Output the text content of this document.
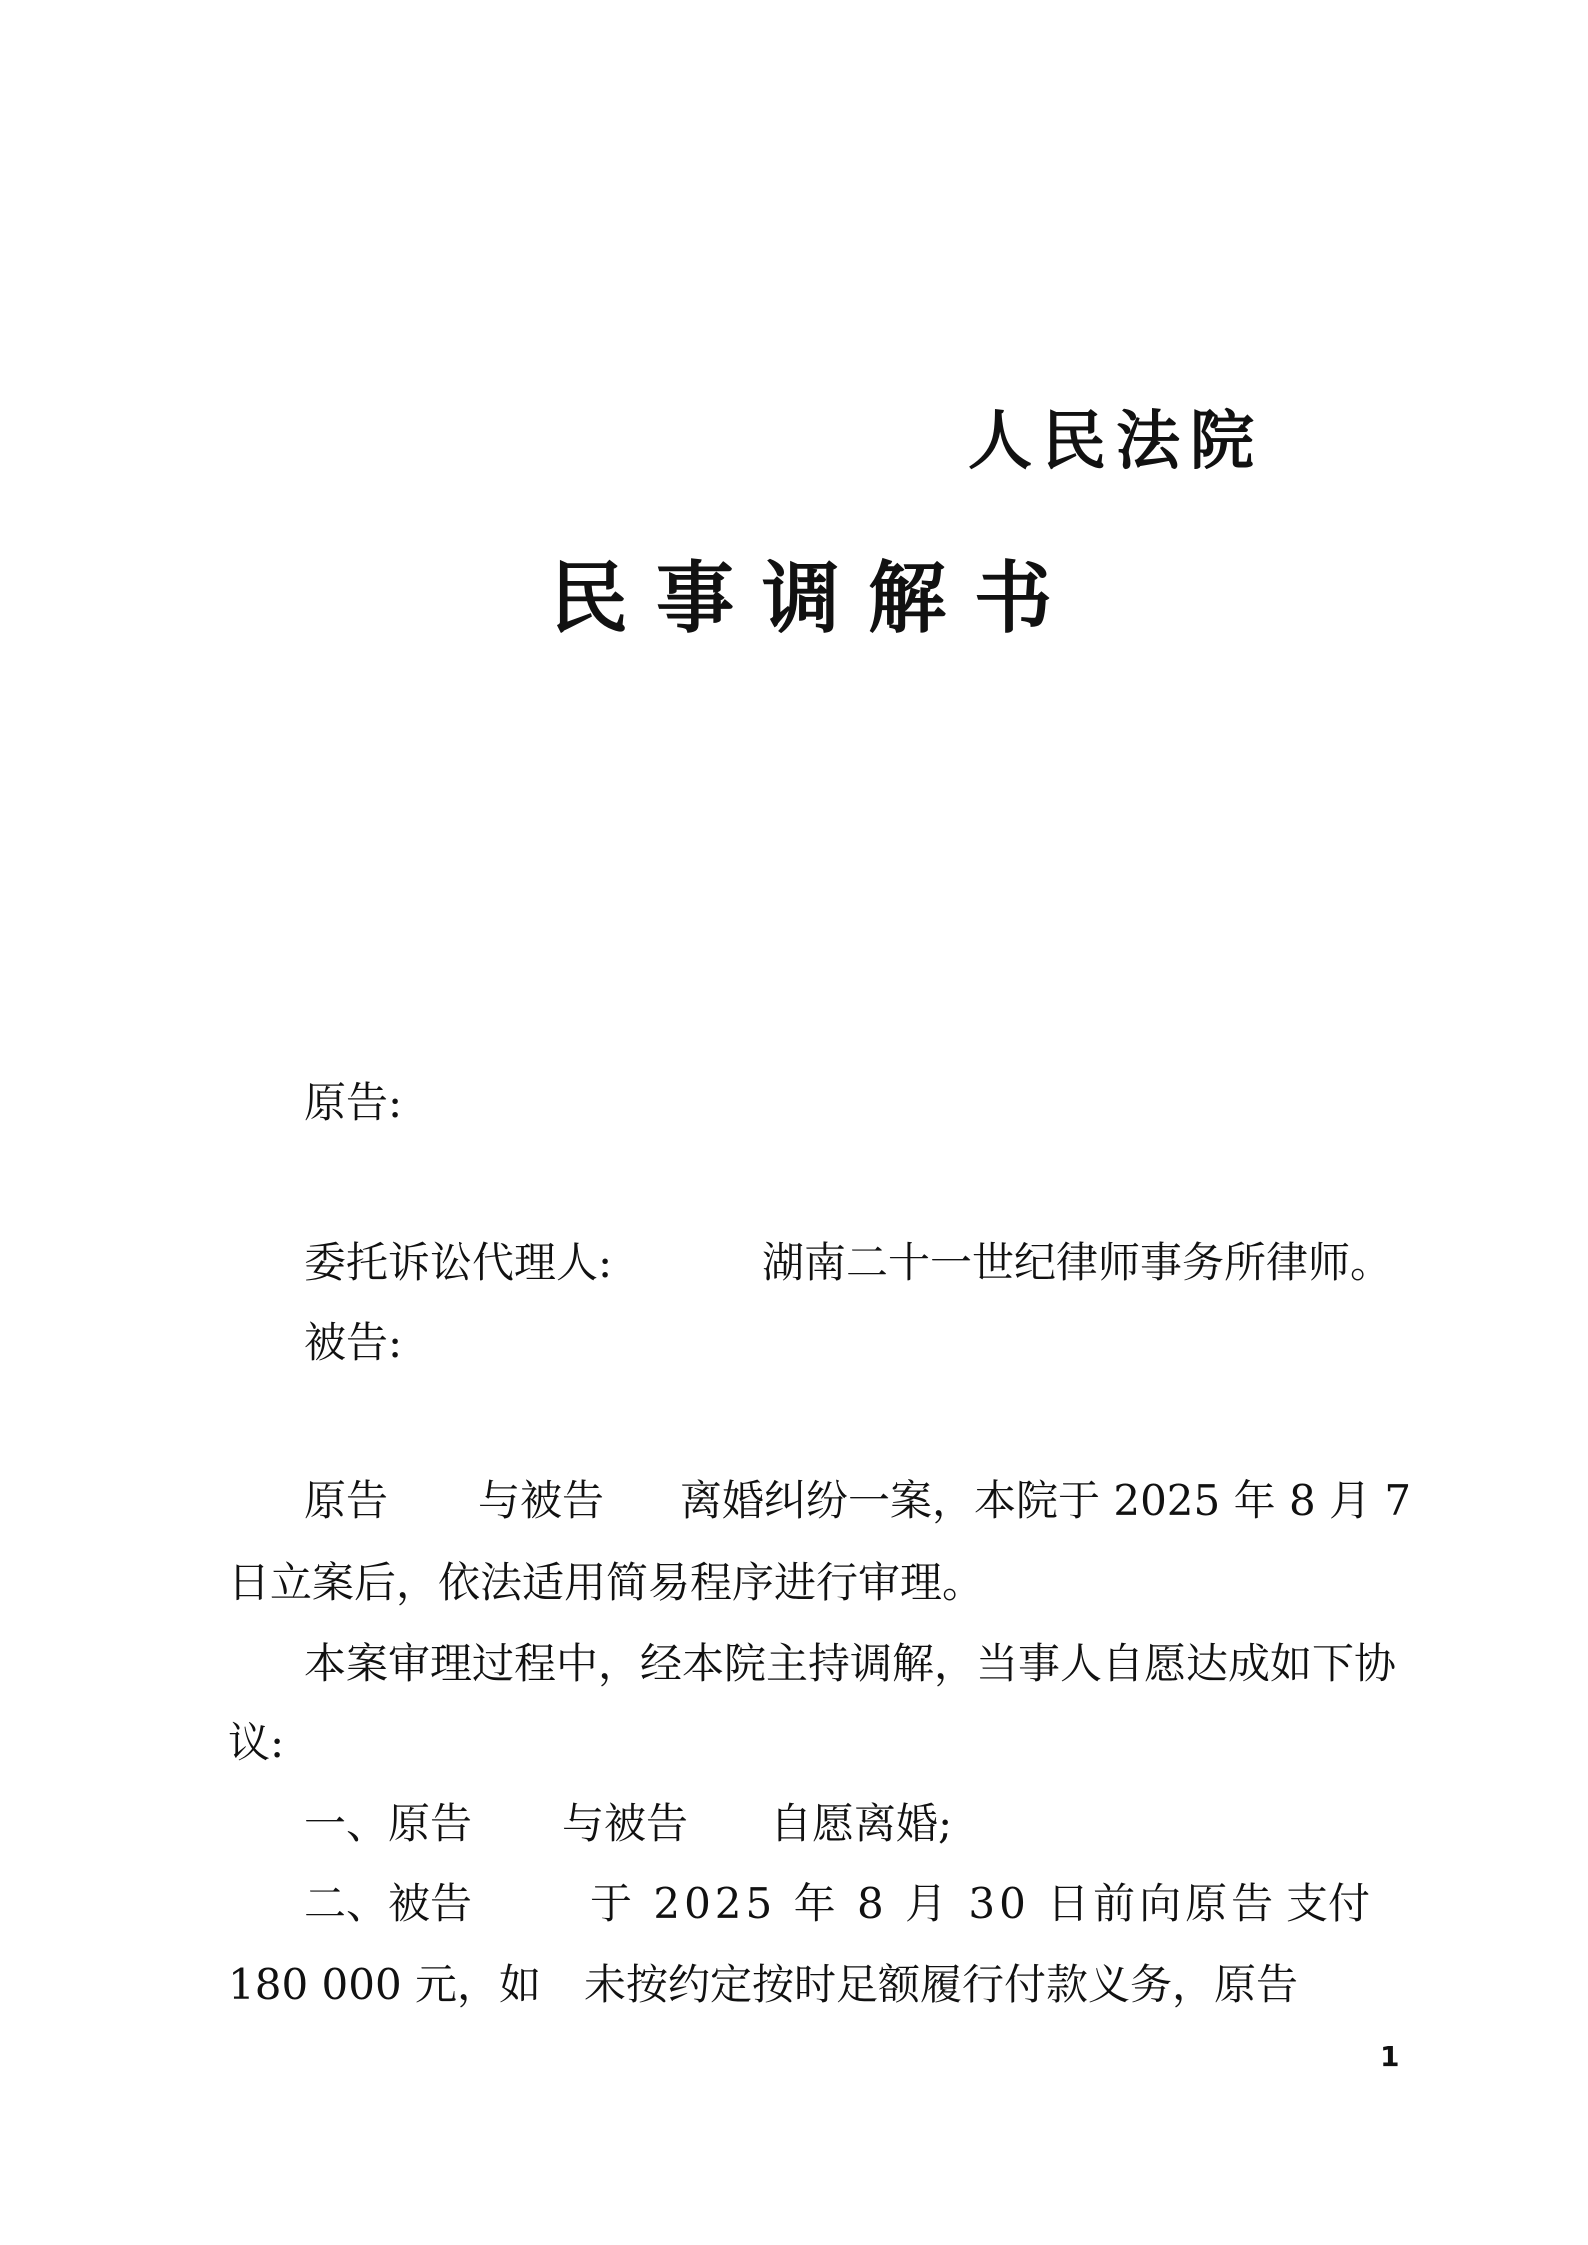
人民法院
民事调解书
原告:
委托诉讼代理人:	湖南二十一世纪律师事务所律师。
被告:
原告 与被告 离婚纠纷一案，本院于 2025 年 8 月 7
日立案后，依法适用简易程序进行审理。
本案审理过程中，经本院主持调解，当事人自愿达成如下协
议:
一、原告 与被告 自愿离婚;
二、被告	于 2025 年 8 月 30 日前向原告 支付
180 000 元，如 未按约定按时足额履行付款义务，原告
1
